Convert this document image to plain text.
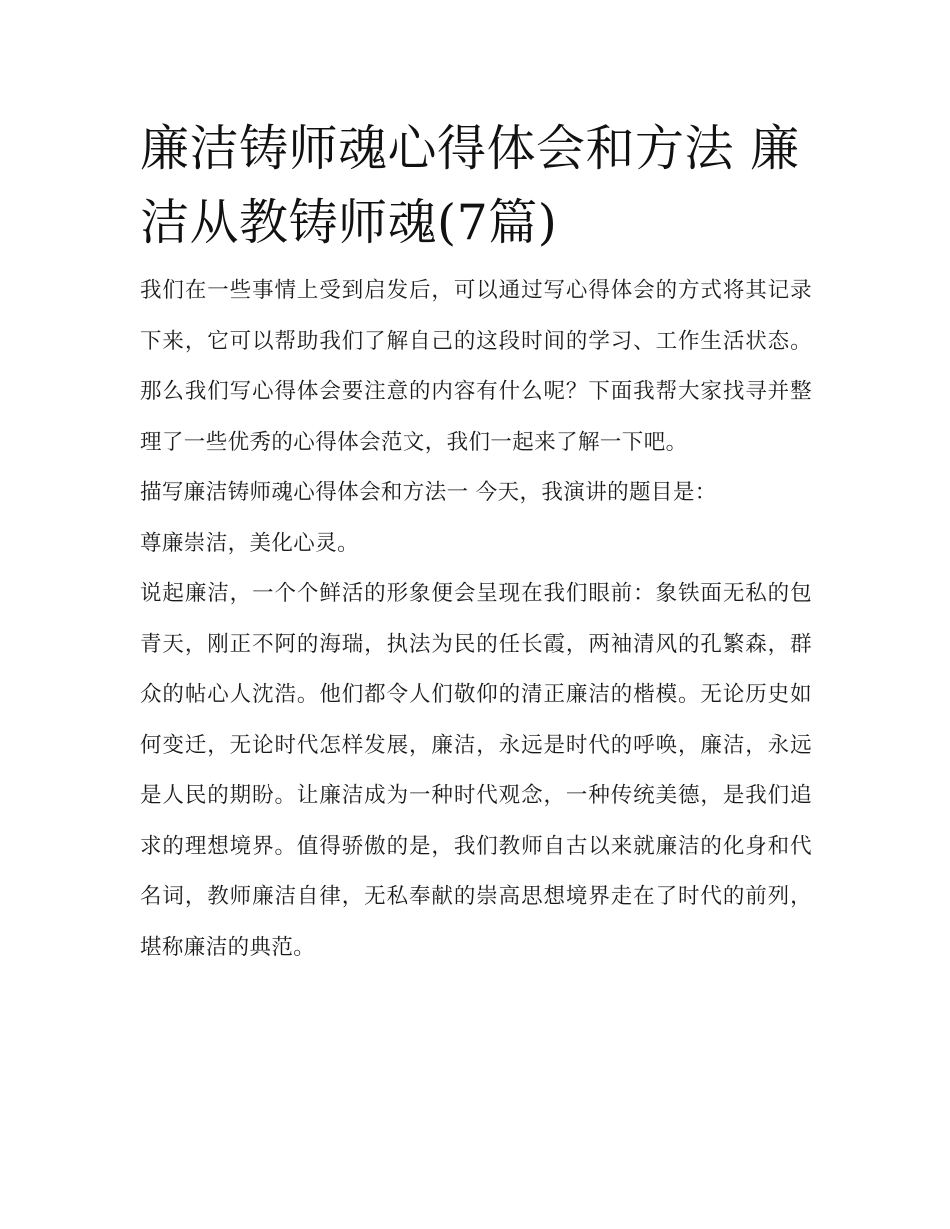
廉洁铸师魂心得体会和方法 廉洁从教铸师魂(7篇)

我们在一些事情上受到启发后，可以通过写心得体会的方式将其记录下来，它可以帮助我们了解自己的这段时间的学习、工作生活状态。那么我们写心得体会要注意的内容有什么呢？下面我帮大家找寻并整理了一些优秀的心得体会范文，我们一起来了解一下吧。

描写廉洁铸师魂心得体会和方法一 今天，我演讲的题目是：

尊廉崇洁，美化心灵。

说起廉洁，一个个鲜活的形象便会呈现在我们眼前：象铁面无私的包青天，刚正不阿的海瑞，执法为民的任长霞，两袖清风的孔繁森，群众的帖心人沈浩。他们都令人们敬仰的清正廉洁的楷模。无论历史如何变迁，无论时代怎样发展，廉洁，永远是时代的呼唤，廉洁，永远是人民的期盼。让廉洁成为一种时代观念，一种传统美德，是我们追求的理想境界。值得骄傲的是，我们教师自古以来就廉洁的化身和代名词，教师廉洁自律，无私奉献的崇高思想境界走在了时代的前列，堪称廉洁的典范。
